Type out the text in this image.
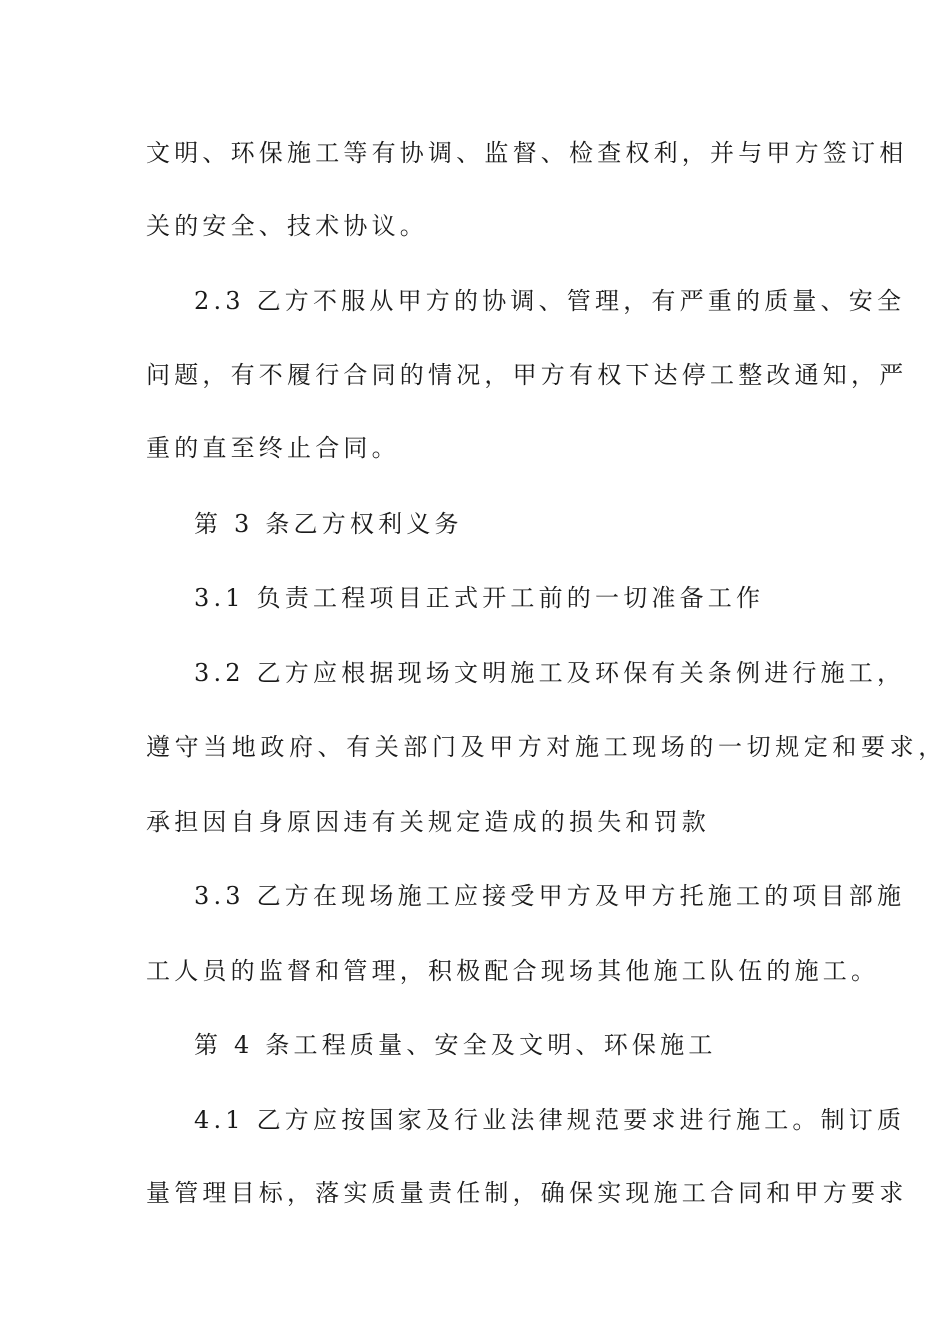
文明、环保施工等有协调、监督、检查权利，并与甲方签订相
关的安全、技术协议。
2.3 乙方不服从甲方的协调、管理，有严重的质量、安全
问题，有不履行合同的情况，甲方有权下达停工整改通知，严
重的直至终止合同。
第 3 条乙方权利义务
3.1 负责工程项目正式开工前的一切准备工作
3.2 乙方应根据现场文明施工及环保有关条例进行施工，
遵守当地政府、有关部门及甲方对施工现场的一切规定和要求，
承担因自身原因违有关规定造成的损失和罚款
3.3 乙方在现场施工应接受甲方及甲方托施工的项目部施
工人员的监督和管理，积极配合现场其他施工队伍的施工。
第 4 条工程质量、安全及文明、环保施工
4.1 乙方应按国家及行业法律规范要求进行施工。制订质
量管理目标，落实质量责任制，确保实现施工合同和甲方要求
